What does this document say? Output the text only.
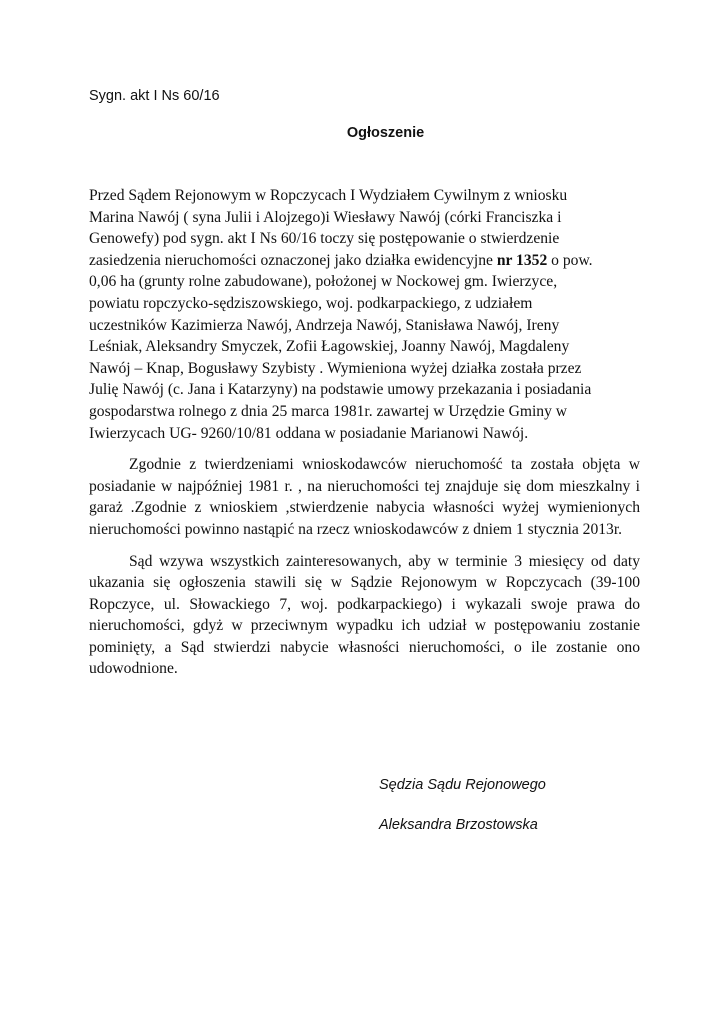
Sygn. akt I Ns 60/16
Ogłoszenie

Przed Sądem Rejonowym w Ropczycach I Wydziałem Cywilnym z wniosku
Marina Nawój ( syna Julii i Alojzego)i Wiesławy Nawój (córki Franciszka i
Genowefy) pod sygn. akt I Ns 60/16 toczy się postępowanie o stwierdzenie
zasiedzenia nieruchomości oznaczonej jako działka ewidencyjne nr 1352 o pow.
0,06 ha (grunty rolne zabudowane), położonej w Nockowej gm. Iwierzyce,
powiatu ropczycko-sędziszowskiego, woj. podkarpackiego, z udziałem
uczestników Kazimierza Nawój, Andrzeja Nawój, Stanisława Nawój, Ireny
Leśniak, Aleksandry Smyczek, Zofii Łagowskiej, Joanny Nawój, Magdaleny
Nawój – Knap, Bogusławy Szybisty . Wymieniona wyżej działka została przez
Julię Nawój (c. Jana i Katarzyny) na podstawie umowy przekazania i posiadania
gospodarstwa rolnego z dnia 25 marca 1981r. zawartej w Urzędzie Gminy w
Iwierzycach UG- 9260/10/81 oddana w posiadanie Marianowi Nawój.

Zgodnie z twierdzeniami wnioskodawców nieruchomość ta została objęta w posiadanie w najpóźniej 1981 r. , na nieruchomości tej znajduje się dom mieszkalny i garaż .Zgodnie z wnioskiem ,stwierdzenie nabycia własności wyżej wymienionych nieruchomości powinno nastąpić na rzecz wnioskodawców z dniem 1 stycznia 2013r.

Sąd wzywa wszystkich zainteresowanych, aby w terminie 3 miesięcy od daty ukazania się ogłoszenia stawili się w Sądzie Rejonowym w Ropczycach (39-100 Ropczyce, ul. Słowackiego 7, woj. podkarpackiego) i wykazali swoje prawa do nieruchomości, gdyż w przeciwnym wypadku ich udział w postępowaniu zostanie pominięty, a Sąd stwierdzi nabycie własności nieruchomości, o ile zostanie ono udowodnione.

Sędzia Sądu Rejonowego
Aleksandra Brzostowska
